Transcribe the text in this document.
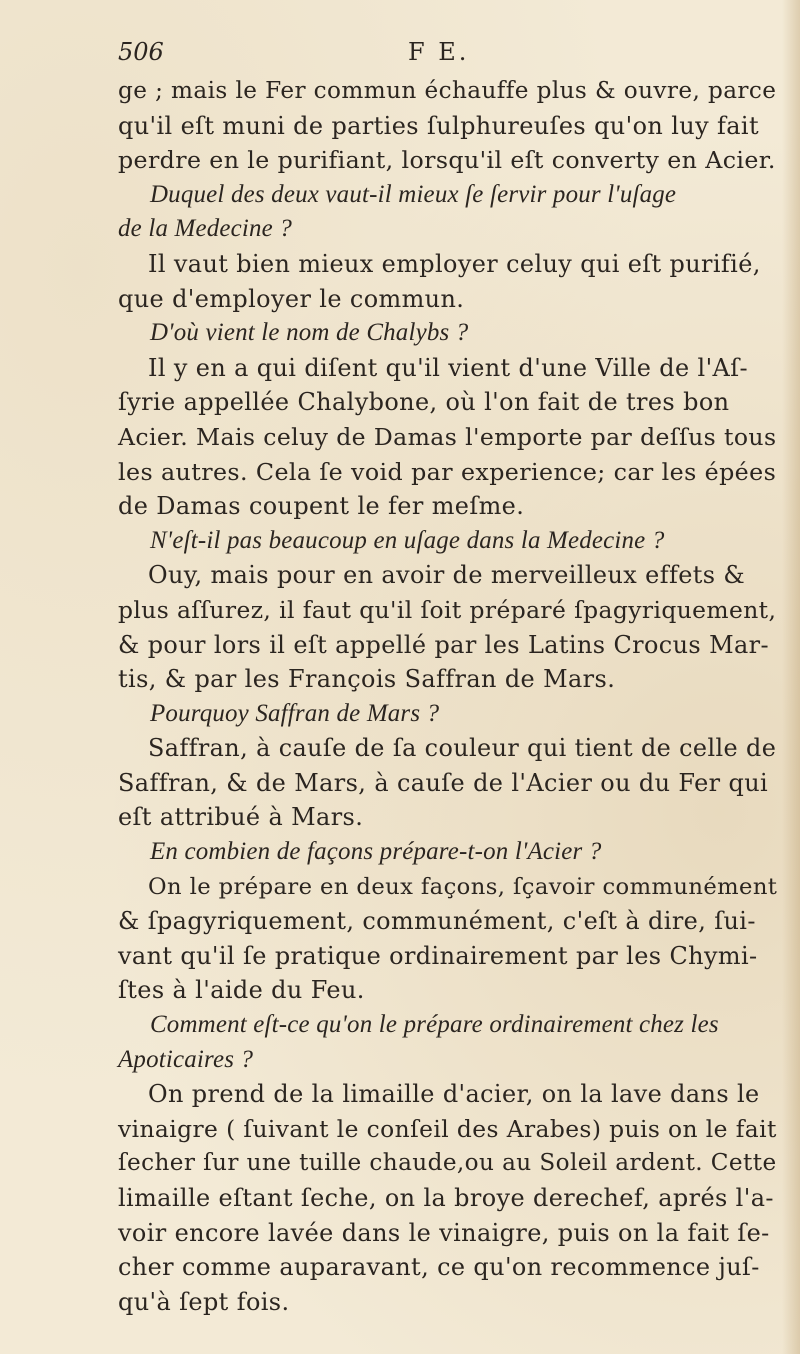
506	F E.
ge ; mais le Fer commun échauffe plus & ouvre, parce
qu'il eſt muni de parties ſulphureuſes qu'on luy fait
perdre en le purifiant, lorsqu'il eſt converty en Acier.
Duquel des deux vaut-il mieux ſe ſervir pour l'uſage
de la Medecine ?
Il vaut bien mieux employer celuy qui eſt purifié,
que d'employer le commun.
D'où vient le nom de Chalybs ?
Il y en a qui diſent qu'il vient d'une Ville de l'Aſ-
ſyrie appellée Chalybone, où l'on fait de tres bon
Acier. Mais celuy de Damas l'emporte par deſſus tous
les autres. Cela ſe void par experience; car les épées
de Damas coupent le fer meſme.
N'eſt-il pas beaucoup en uſage dans la Medecine ?
Ouy, mais pour en avoir de merveilleux effets &
plus aſſurez, il faut qu'il ſoit préparé ſpagyriquement,
& pour lors il eſt appellé par les Latins Crocus Mar-
tis, & par les François Saffran de Mars.
Pourquoy Saffran de Mars ?
Saffran, à cauſe de ſa couleur qui tient de celle de
Saffran, & de Mars, à cauſe de l'Acier ou du Fer qui
eſt attribué à Mars.
En combien de façons prépare-t-on l'Acier ?
On le prépare en deux façons, ſçavoir communément
& ſpagyriquement, communément, c'eſt à dire, ſui-
vant qu'il ſe pratique ordinairement par les Chymi-
ſtes à l'aide du Feu.
Comment eſt-ce qu'on le prépare ordinairement chez les
Apoticaires ?
On prend de la limaille d'acier, on la lave dans le
vinaigre ( ſuivant le conſeil des Arabes) puis on le fait
ſecher ſur une tuille chaude,ou au Soleil ardent. Cette
limaille eſtant ſeche, on la broye derechef, aprés l'a-
voir encore lavée dans le vinaigre, puis on la fait ſe-
cher comme auparavant, ce qu'on recommence juſ-
qu'à ſept fois.
